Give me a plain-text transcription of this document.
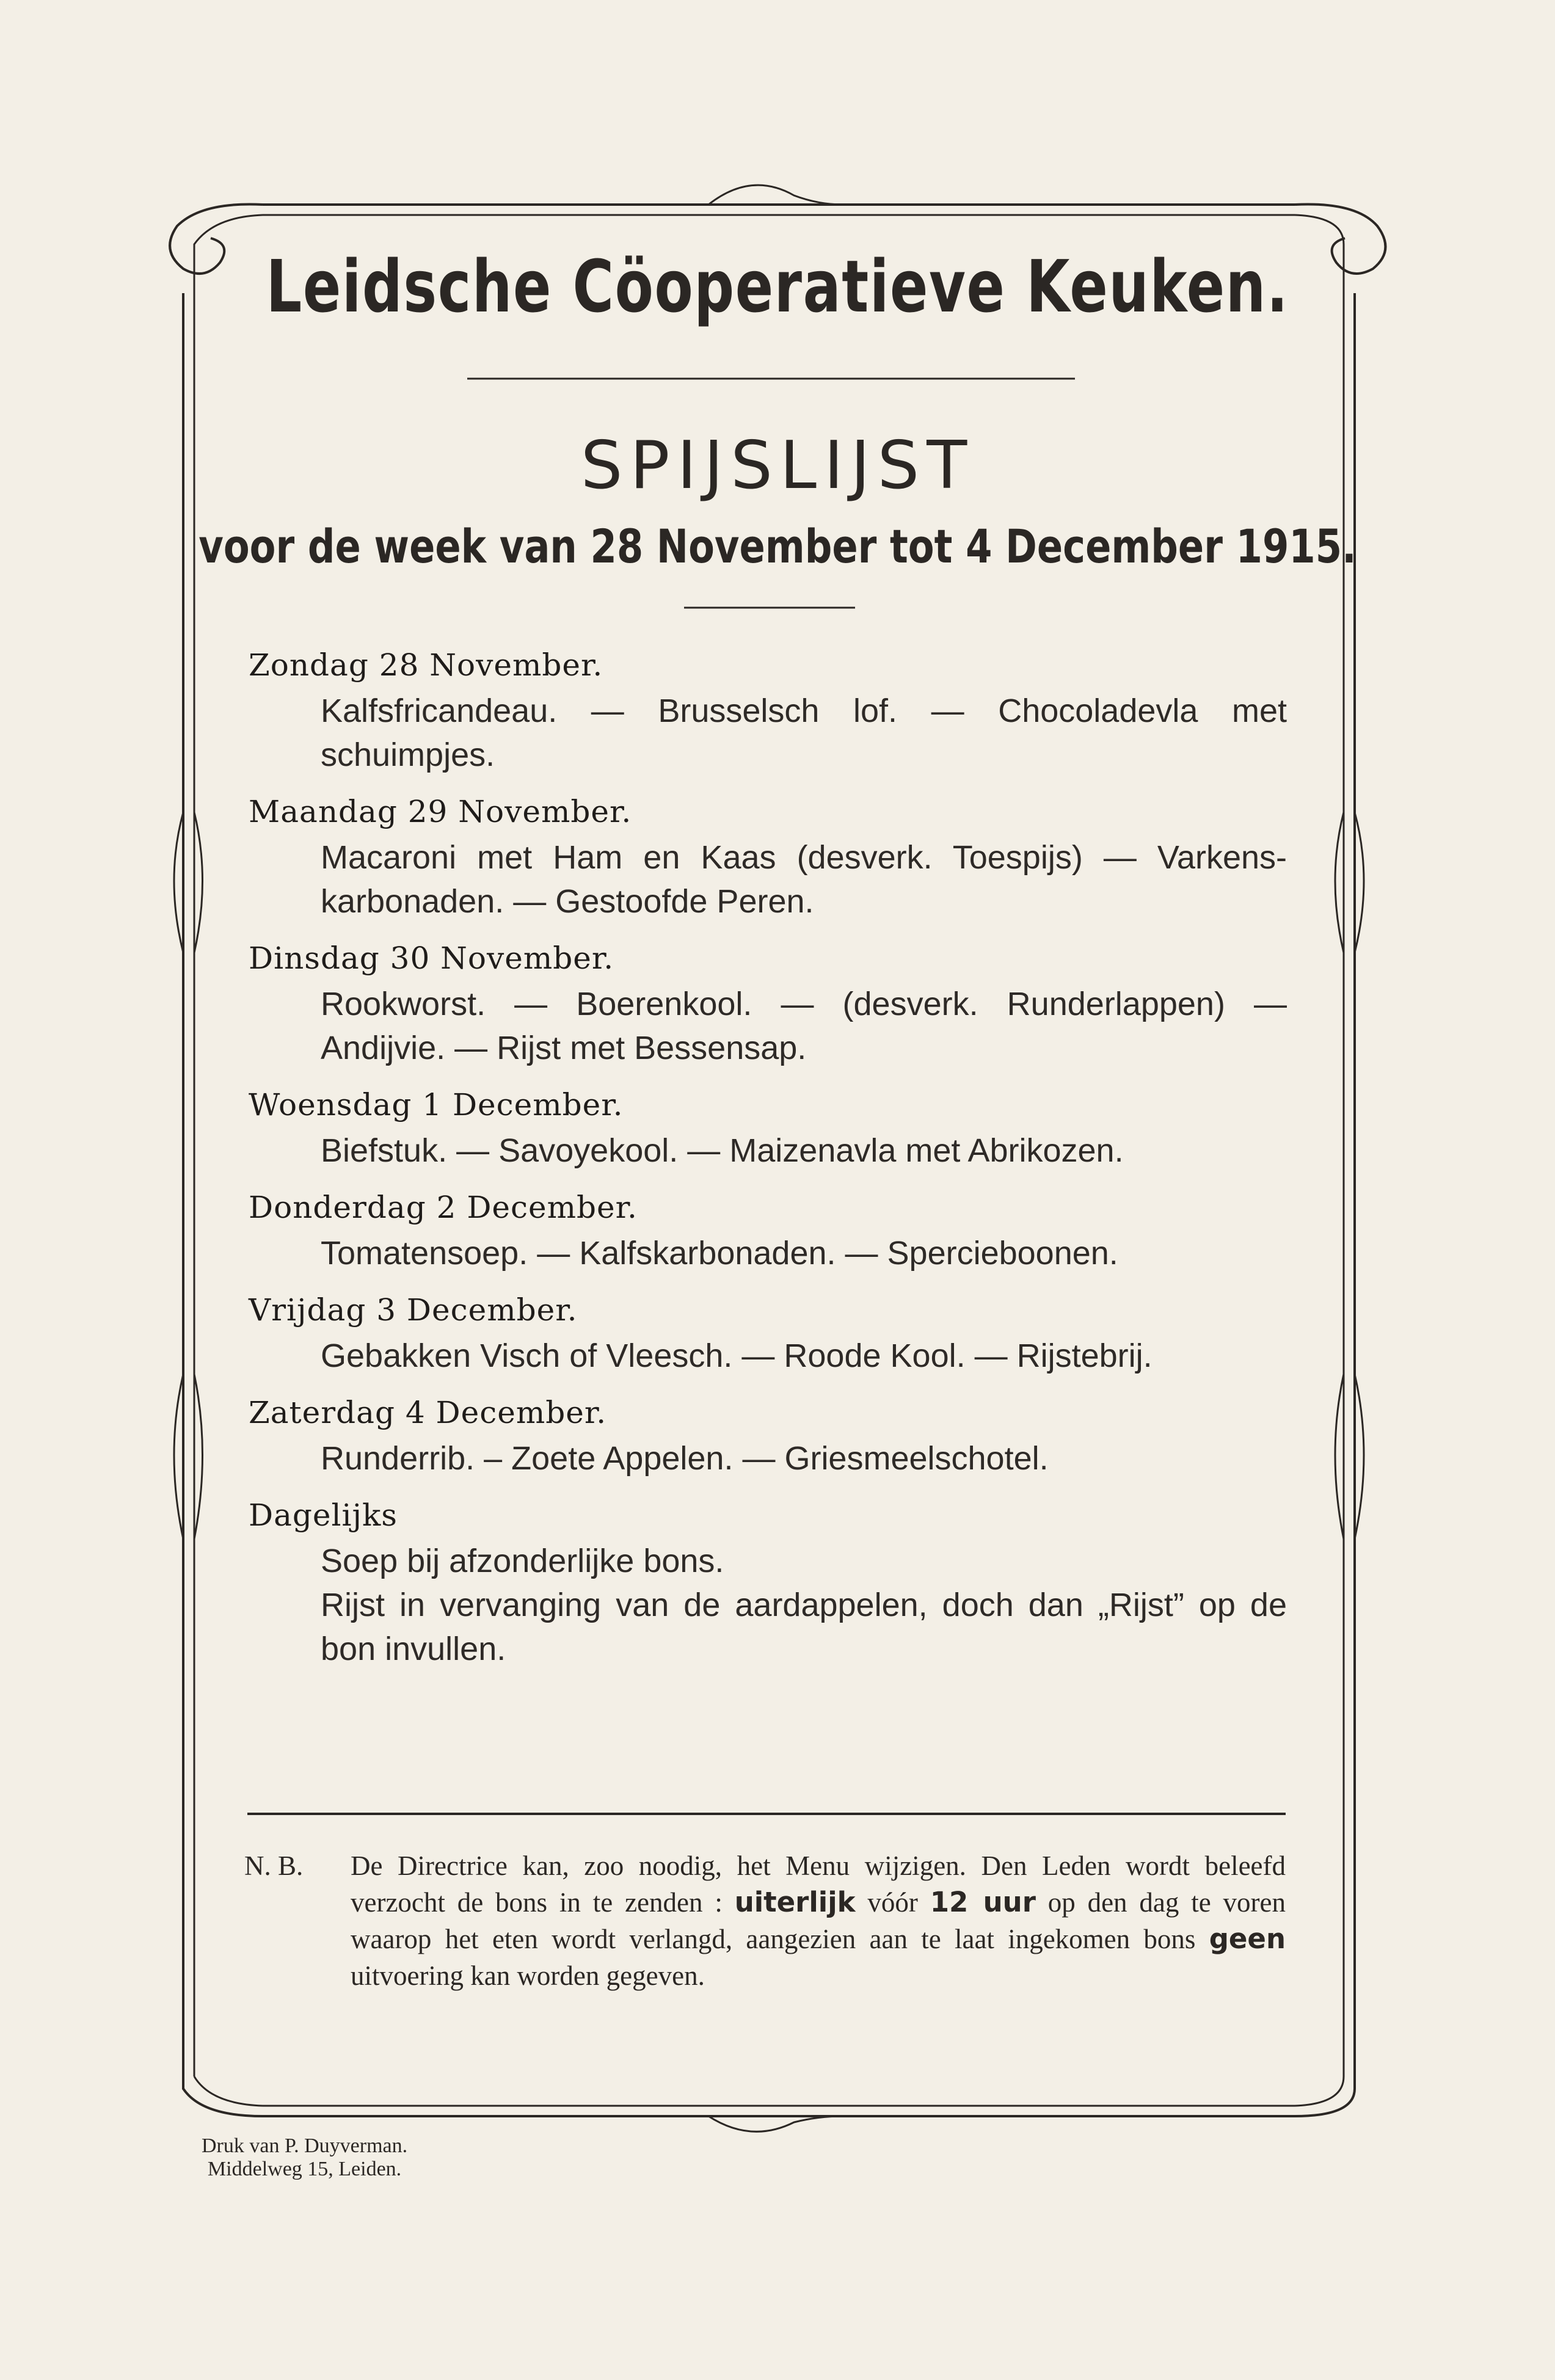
Leidsche Cöoperatieve Keuken.
SPIJSLIJST
voor de week van 28 November tot 4 December 1915.
Zondag 28 November.

Kalfsfricandeau. — Brusselsch lof. — Chocoladevla met schuimpjes.

Maandag 29 November.

Macaroni met Ham en Kaas (desverk. Toespijs) — Varkens-karbonaden. — Gestoofde Peren.

Dinsdag 30 November.

Rookworst. — Boerenkool. — (desverk. Runderlappen) — Andijvie. — Rijst met Bessensap.

Woensdag 1 December.

Biefstuk. — Savoyekool. — Maizenavla met Abrikozen.

Donderdag 2 December.

Tomatensoep. — Kalfskarbonaden. — Spercieboonen.

Vrijdag 3 December.

Gebakken Visch of Vleesch. — Roode Kool. — Rijstebrij.

Zaterdag 4 December.

Runderrib. – Zoete Appelen. — Griesmeelschotel.

Dagelijks

Soep bij afzonderlijke bons.

Rijst in vervanging van de aardappelen, doch dan „Rijst” op de bon invullen.

N. B. De Directrice kan, zoo noodig, het Menu wijzigen. Den Leden wordt beleefd verzocht de bons in te zenden : uiterlijk vóór 12 uur op den dag te voren waarop het eten wordt verlangd, aangezien aan te laat ingekomen bons geen uitvoering kan worden gegeven.
Druk van P. Duyverman.
Middelweg 15, Leiden.
